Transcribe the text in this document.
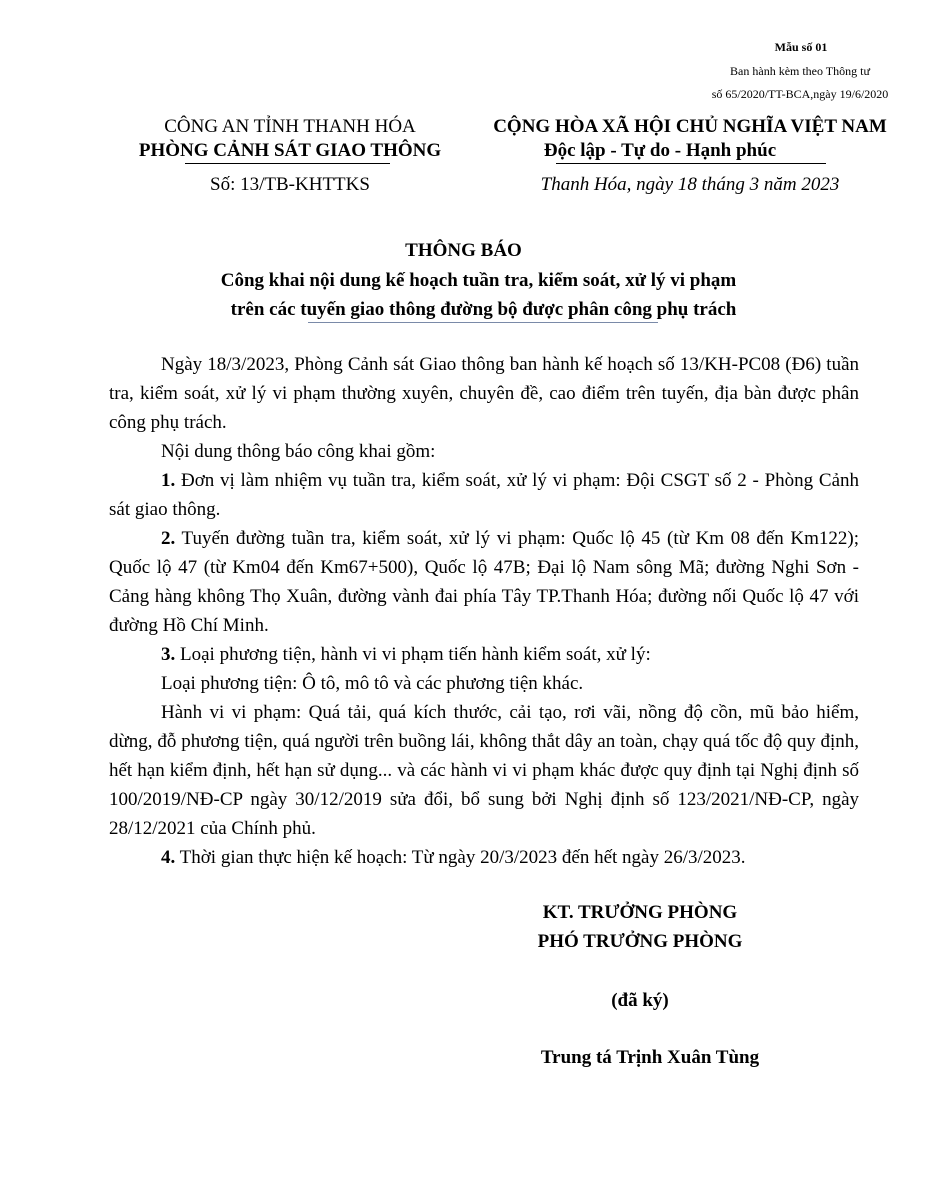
Mẫu số 01
Ban hành kèm theo Thông tư
số 65/2020/TT-BCA,ngày 19/6/2020
CÔNG AN TỈNH THANH HÓA
PHÒNG CẢNH SÁT GIAO THÔNG
Số: 13/TB-KHTTKS
CỘNG HÒA XÃ HỘI CHỦ NGHĨA VIỆT NAM
Độc lập - Tự do - Hạnh phúc
Thanh Hóa, ngày 18 tháng 3 năm 2023
THÔNG BÁO
Công khai nội dung kế hoạch tuần tra, kiểm soát, xử lý vi phạm
trên các tuyến giao thông đường bộ được phân công phụ trách

Ngày 18/3/2023, Phòng Cảnh sát Giao thông ban hành kế hoạch số 13/KH-PC08 (Đ6) tuần tra, kiểm soát, xử lý vi phạm thường xuyên, chuyên đề, cao điểm trên tuyến, địa bàn được phân công phụ trách.

Nội dung thông báo công khai gồm:

1. Đơn vị làm nhiệm vụ tuần tra, kiểm soát, xử lý vi phạm: Đội CSGT số 2 - Phòng Cảnh sát giao thông.

2. Tuyến đường tuần tra, kiểm soát, xử lý vi phạm: Quốc lộ 45 (từ Km 08 đến Km122); Quốc lộ 47 (từ Km04 đến Km67+500), Quốc lộ 47B; Đại lộ Nam sông Mã; đường Nghi Sơn - Cảng hàng không Thọ Xuân, đường vành đai phía Tây TP.Thanh Hóa; đường nối Quốc lộ 47 với đường Hồ Chí Minh.

3. Loại phương tiện, hành vi vi phạm tiến hành kiểm soát, xử lý:

Loại phương tiện: Ô tô, mô tô và các phương tiện khác.

Hành vi vi phạm: Quá tải, quá kích thước, cải tạo, rơi vãi, nồng độ cồn, mũ bảo hiểm, dừng, đỗ phương tiện, quá người trên buồng lái, không thắt dây an toàn, chạy quá tốc độ quy định, hết hạn kiểm định, hết hạn sử dụng... và các hành vi vi phạm khác được quy định tại Nghị định số 100/2019/NĐ-CP ngày 30/12/2019 sửa đổi, bổ sung bởi Nghị định số 123/2021/NĐ-CP, ngày 28/12/2021 của Chính phủ.

4. Thời gian thực hiện kế hoạch: Từ ngày 20/3/2023 đến hết ngày 26/3/2023.

KT. TRƯỞNG PHÒNG
PHÓ TRƯỞNG PHÒNG
(đã ký)
Trung tá Trịnh Xuân Tùng
